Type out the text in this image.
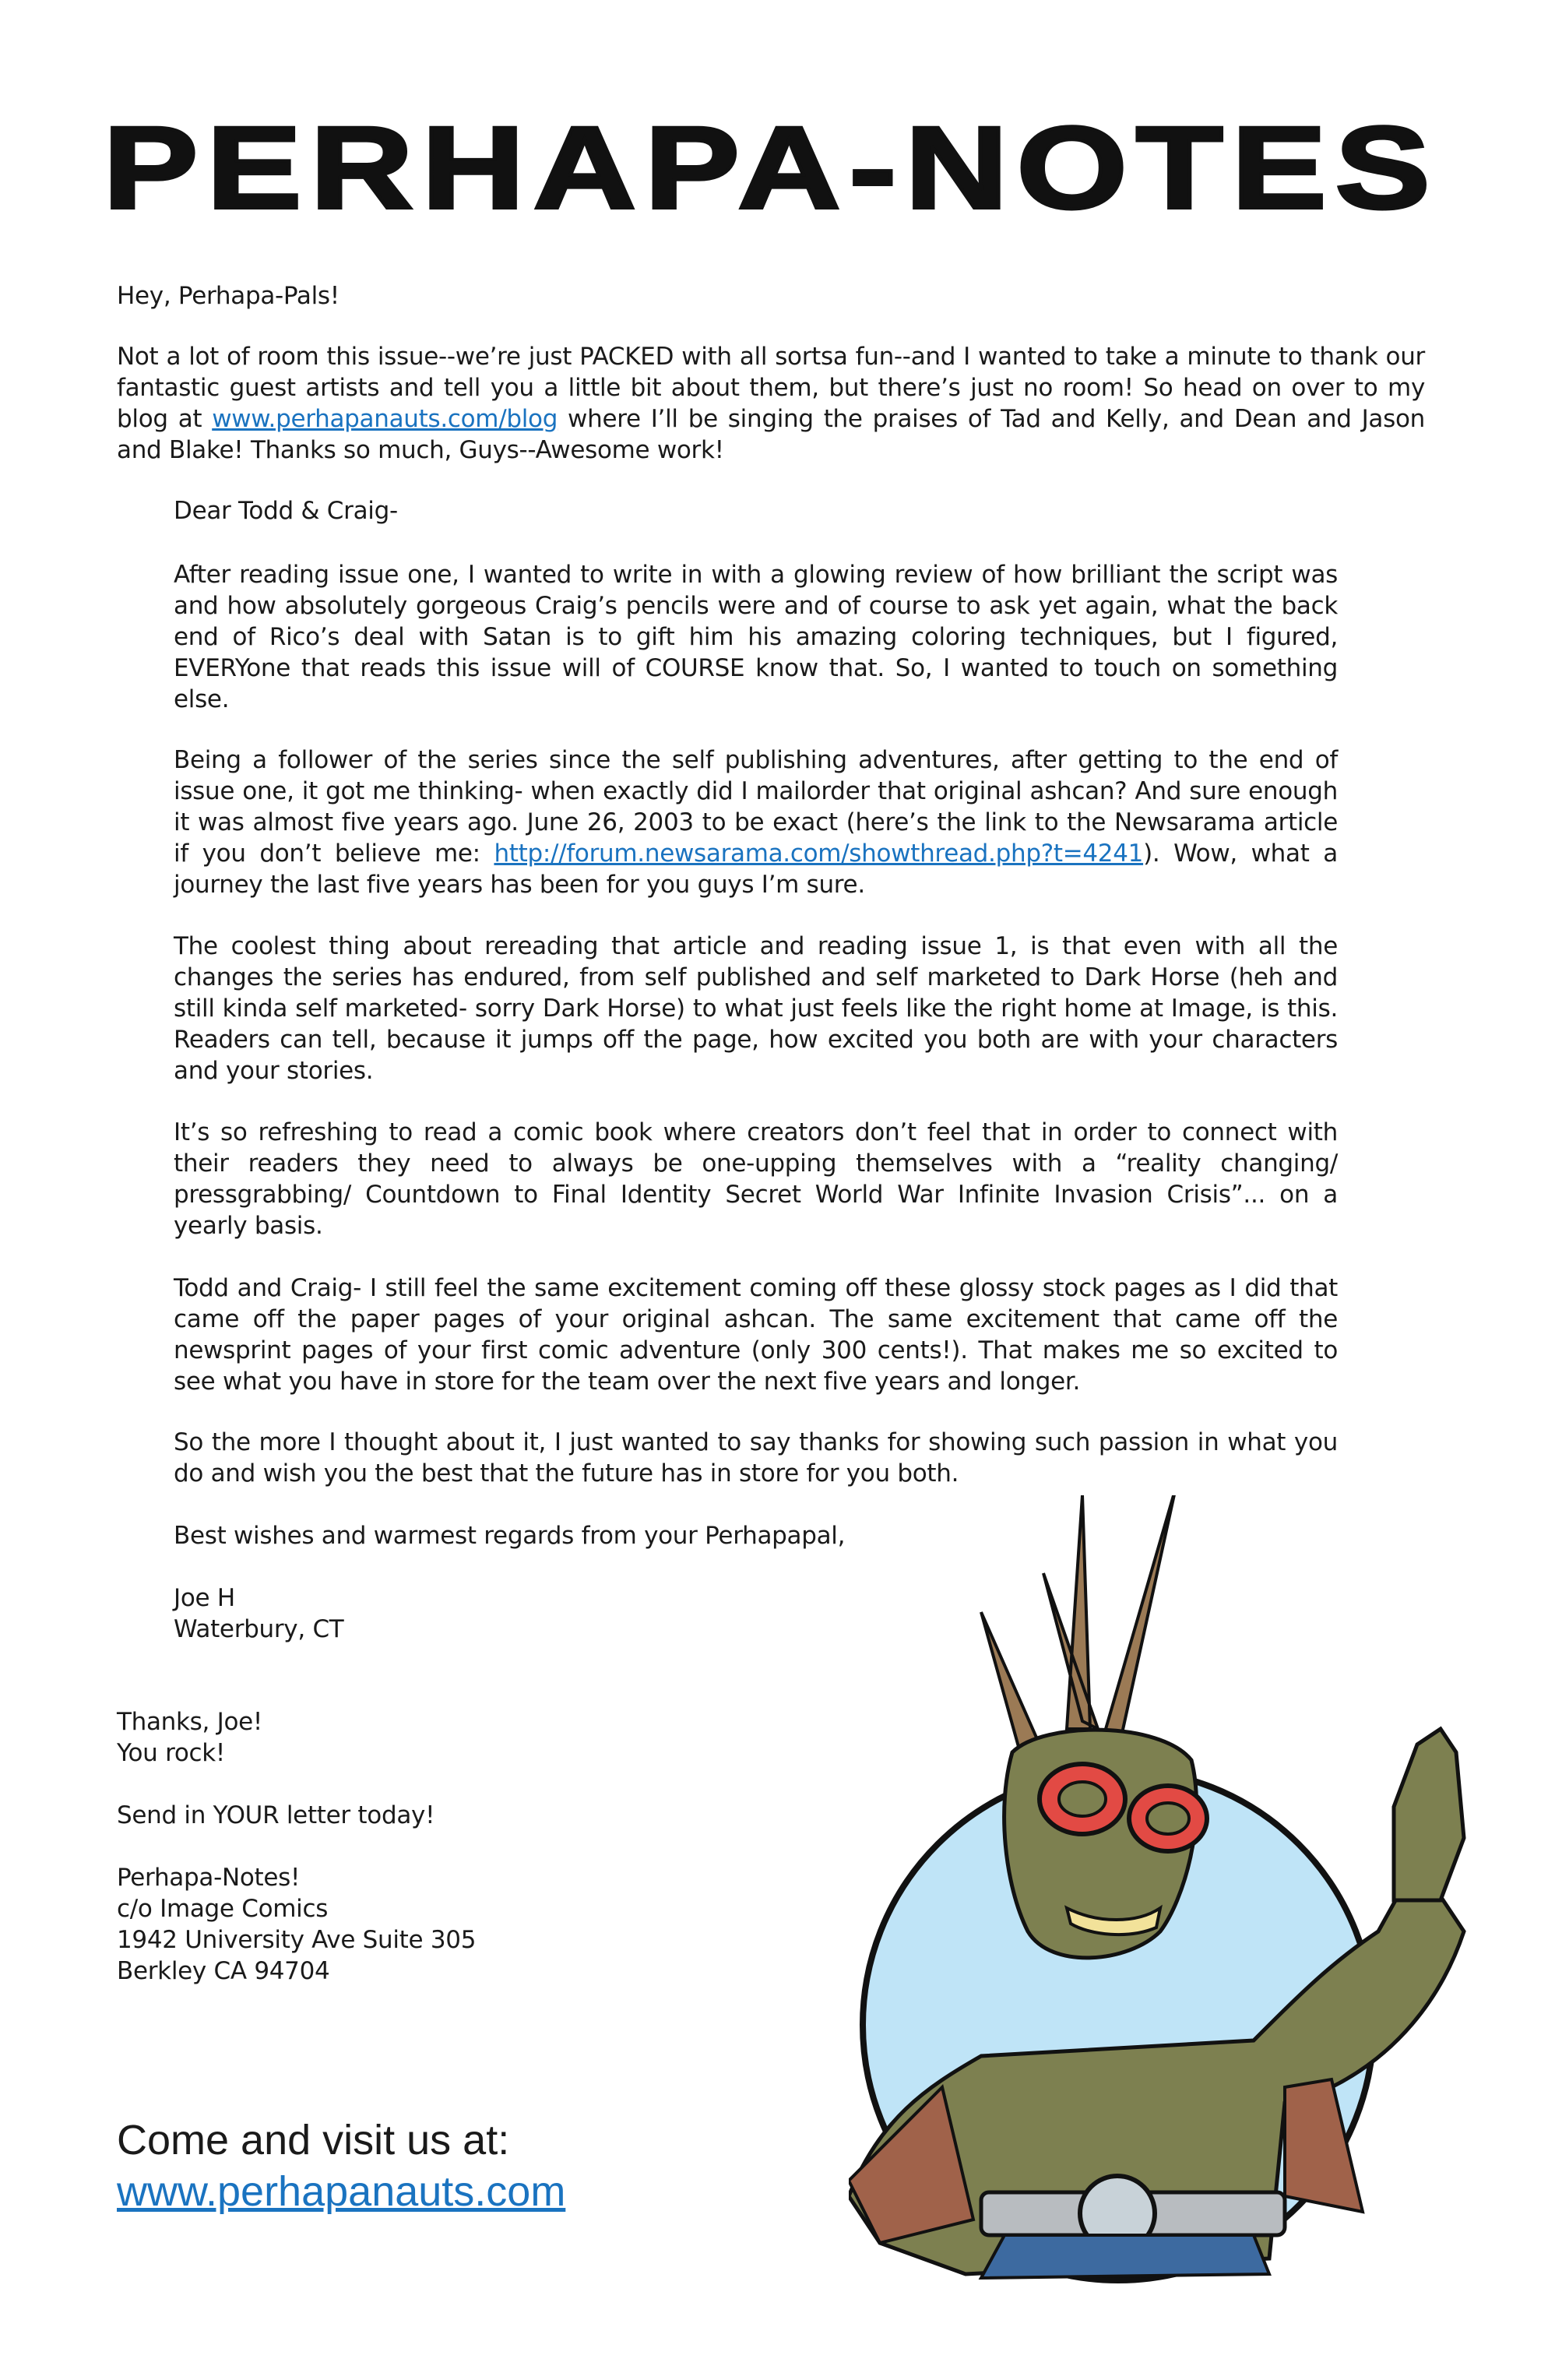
PERHAPA-NOTES
Hey, Perhapa-Pals!
Not a lot of room this issue--we’re just PACKED with all sortsa fun--and I wanted to take a minute to thank our fantastic guest artists and tell you a little bit about them, but there’s just no room! So head on over to my blog at www.perhapanauts.com/blog where I’ll be singing the praises of Tad and Kelly, and Dean and Jason and Blake! Thanks so much, Guys--Awesome work!
Dear Todd & Craig-
After reading issue one, I wanted to write in with a glowing review of how brilliant the script was and how absolutely gorgeous Craig’s pencils were and of course to ask yet again, what the back end of Rico’s deal with Satan is to gift him his amazing coloring techniques, but I figured, EVERYone that reads this issue will of COURSE know that. So, I wanted to touch on something else.
Being a follower of the series since the self publishing adventures, after getting to the end of issue one, it got me thinking- when exactly did I mailorder that original ashcan? And sure enough it was almost five years ago. June 26, 2003 to be exact (here’s the link to the Newsarama article if you don’t believe me: http://forum.newsarama.com/showthread.php?t=4241). Wow, what a journey the last five years has been for you guys I’m sure.
The coolest thing about rereading that article and reading issue 1, is that even with all the changes the series has endured, from self published and self marketed to Dark Horse (heh and still kinda self marketed- sorry Dark Horse) to what just feels like the right home at Image, is this. Readers can tell, because it jumps off the page, how excited you both are with your characters and your stories.
It’s so refreshing to read a comic book where creators don’t feel that in order to connect with their readers they need to always be one-upping themselves with a “reality changing/ pressgrabbing/ Countdown to Final Identity Secret World War Infinite Invasion Crisis”... on a yearly basis.
Todd and Craig- I still feel the same excitement coming off these glossy stock pages as I did that came off the paper pages of your original ashcan. The same excitement that came off the newsprint pages of your first comic adventure (only 300 cents!). That makes me so excited to see what you have in store for the team over the next five years and longer.
So the more I thought about it, I just wanted to say thanks for showing such passion in what you do and wish you the best that the future has in store for you both.
Best wishes and warmest regards from your Perhapapal,
Joe H
Waterbury, CT
Thanks, Joe!
You rock!
Send in YOUR letter today!
Perhapa-Notes!
c/o Image Comics
1942 University Ave Suite 305
Berkley CA 94704
Come and visit us at:
www.perhapanauts.com
